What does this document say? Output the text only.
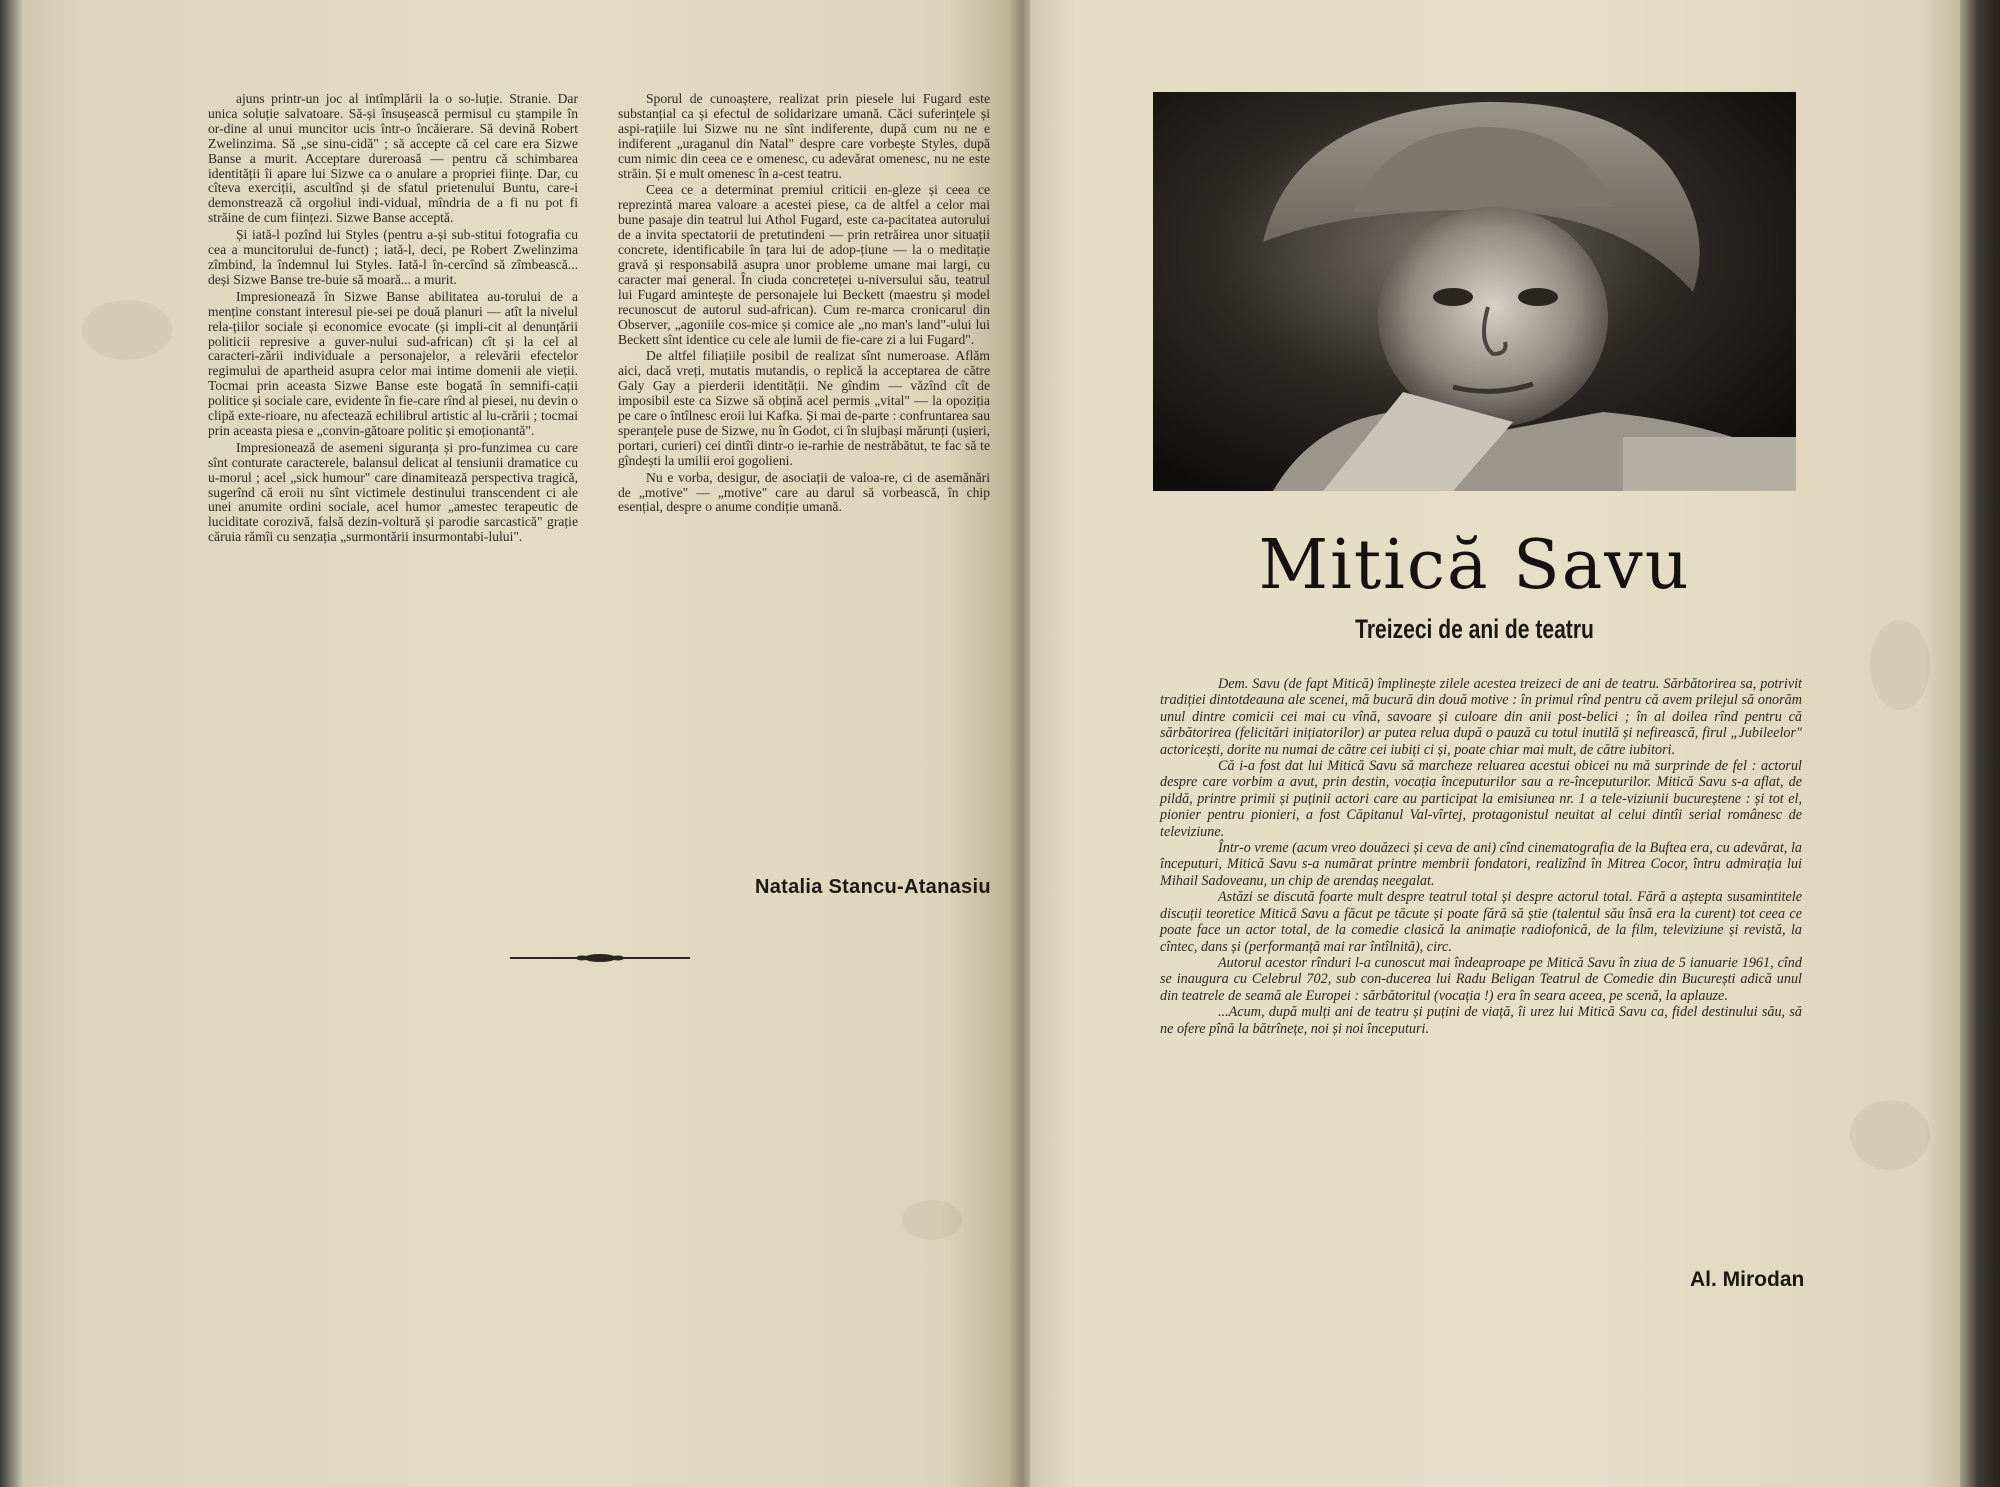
ajuns printr-un joc al intîmplării la o so-luție. Stranie. Dar unica soluție salvatoare. Să-și însușească permisul cu ștampile în or-dine al unui muncitor ucis într-o încăierare. Să devină Robert Zwelinzima. Să „se sinu-cidă" ; să accepte că cel care era Sizwe Banse a murit. Acceptare dureroasă — pentru că schimbarea identității îi apare lui Sizwe ca o anulare a propriei ființe. Dar, cu cîteva exerciții, ascultînd și de sfatul prietenului Buntu, care-i demonstrează că orgoliul indi-vidual, mîndria de a fi nu pot fi străine de cum ființezi. Sizwe Banse acceptă.

Și iată-l pozînd lui Styles (pentru a-și sub-stitui fotografia cu cea a muncitorului de-funct) ; iată-l, deci, pe Robert Zwelinzima zîmbind, la îndemnul lui Styles. Iată-l în-cercînd să zîmbească... deși Sizwe Banse tre-buie să moară... a murit.

Impresionează în Sizwe Banse abilitatea au-torului de a menține constant interesul pie-sei pe două planuri — atît la nivelul rela-țiilor sociale și economice evocate (și impli-cit al denunțării politicii represive a guver-nului sud-african) cît și la cel al caracteri-zării individuale a personajelor, a relevării efectelor regimului de apartheid asupra celor mai intime domenii ale vieții. Tocmai prin aceasta Sizwe Banse este bogată în semnifi-cații politice și sociale care, evidente în fie-care rînd al piesei, nu devin o clipă exte-rioare, nu afectează echilibrul artistic al lu-crării ; tocmai prin aceasta piesa e „convin-gătoare politic și emoționantă".

Impresionează de asemeni siguranța și pro-funzimea cu care sînt conturate caracterele, balansul delicat al tensiunii dramatice cu u-morul ; acel „sick humour" care dinamitează perspectiva tragică, sugerînd că eroii nu sînt victimele destinului transcendent ci ale unei anumite ordini sociale, acel humor „amestec terapeutic de luciditate corozivă, falsă dezin-voltură și parodie sarcastică" grație căruia rămîi cu senzația „surmontării insurmontabi-lului".

Sporul de cunoaștere, realizat prin piesele lui Fugard este substanțial ca și efectul de solidarizare umană. Căci suferințele și aspi-rațiile lui Sizwe nu ne sînt indiferente, după cum nu ne e indiferent „uraganul din Natal" despre care vorbește Styles, după cum nimic din ceea ce e omenesc, cu adevărat omenesc, nu ne este străin. Și e mult omenesc în a-cest teatru.

Ceea ce a determinat premiul criticii en-gleze și ceea ce reprezintă marea valoare a acestei piese, ca de altfel a celor mai bune pasaje din teatrul lui Athol Fugard, este ca-pacitatea autorului de a invita spectatorii de pretutindeni — prin retrăirea unor situații concrete, identificabile în țara lui de adop-țiune — la o meditație gravă și responsabilă asupra unor probleme umane mai largi, cu caracter mai general. În ciuda concreteței u-niversului său, teatrul lui Fugard amintește de personajele lui Beckett (maestru și model recunoscut de autorul sud-african). Cum re-marca cronicarul din Observer, „agoniile cos-mice și comice ale „no man's land"-ului lui Beckett sînt identice cu cele ale lumii de fie-care zi a lui Fugard".

De altfel filiațiile posibil de realizat sînt numeroase. Aflăm aici, dacă vreți, mutatis mutandis, o replică la acceptarea de către Galy Gay a pierderii identității. Ne gîndim — văzînd cît de imposibil este ca Sizwe să obțină acel permis „vital" — la opoziția pe care o întîlnesc eroii lui Kafka. Și mai de-parte : confruntarea sau speranțele puse de Sizwe, nu în Godot, ci în slujbași mărunți (ușieri, portari, curieri) cei dintîi dintr-o ie-rarhie de nestrăbătut, te fac să te gîndești la umilii eroi gogolieni.

Nu e vorba, desigur, de asociații de valoa-re, ci de asemănări de „motive" — „motive" care au darul să vorbească, în chip esențial, despre o anume condiție umană.

Natalia Stancu-Atanasiu
Mitică Savu
Treizeci de ani de teatru

Dem. Savu (de fapt Mitică) împlinește zilele acestea treizeci de ani de teatru. Sărbătorirea sa, potrivit tradiției dintotdeauna ale scenei, mă bucură din două motive : în primul rînd pentru că avem prilejul să onorăm unul dintre comicii cei mai cu vînă, savoare și culoare din anii post-belici ; în al doilea rînd pentru că sărbătorirea (felicitări inițiatorilor) ar putea relua după o pauză cu totul inutilă și nefirească, firul „Jubileelor" actoricești, dorite nu numai de către cei iubiți ci și, poate chiar mai mult, de către iubitori.

Că i-a fost dat lui Mitică Savu să marcheze reluarea acestui obicei nu mă surprinde de fel : actorul despre care vorbim a avut, prin destin, vocația începuturilor sau a re-începuturilor. Mitică Savu s-a aflat, de pildă, printre primii și puținii actori care au participat la emisiunea nr. 1 a tele-viziunii bucureștene : și tot el, pionier pentru pionieri, a fost Căpitanul Val-vîrtej, protagonistul neuitat al celui dintîi serial românesc de televiziune.

Într-o vreme (acum vreo douăzeci și ceva de ani) cînd cinematografia de la Buftea era, cu adevărat, la începuturi, Mitică Savu s-a numărat printre membrii fondatori, realizînd în Mitrea Cocor, întru admirația lui Mihail Sadoveanu, un chip de arendaș neegalat.

Astăzi se discută foarte mult despre teatrul total și despre actorul total. Fără a aștepta susamintitele discuții teoretice Mitică Savu a făcut pe tăcute și poate fără să știe (talentul său însă era la curent) tot ceea ce poate face un actor total, de la comedie clasică la animație radiofonică, de la film, televiziune și revistă, la cîntec, dans și (performanță mai rar întîlnită), circ.

Autorul acestor rînduri l-a cunoscut mai îndeaproape pe Mitică Savu în ziua de 5 ianuarie 1961, cînd se inaugura cu Celebrul 702, sub con-ducerea lui Radu Beligan Teatrul de Comedie din București adică unul din teatrele de seamă ale Europei : sărbătoritul (vocația !) era în seara aceea, pe scenă, la aplauze.

...Acum, după mulți ani de teatru și puțini de viață, îi urez lui Mitică Savu ca, fidel destinului său, să ne ofere pînă la bătrînețe, noi și noi începuturi.

Al. Mirodan
